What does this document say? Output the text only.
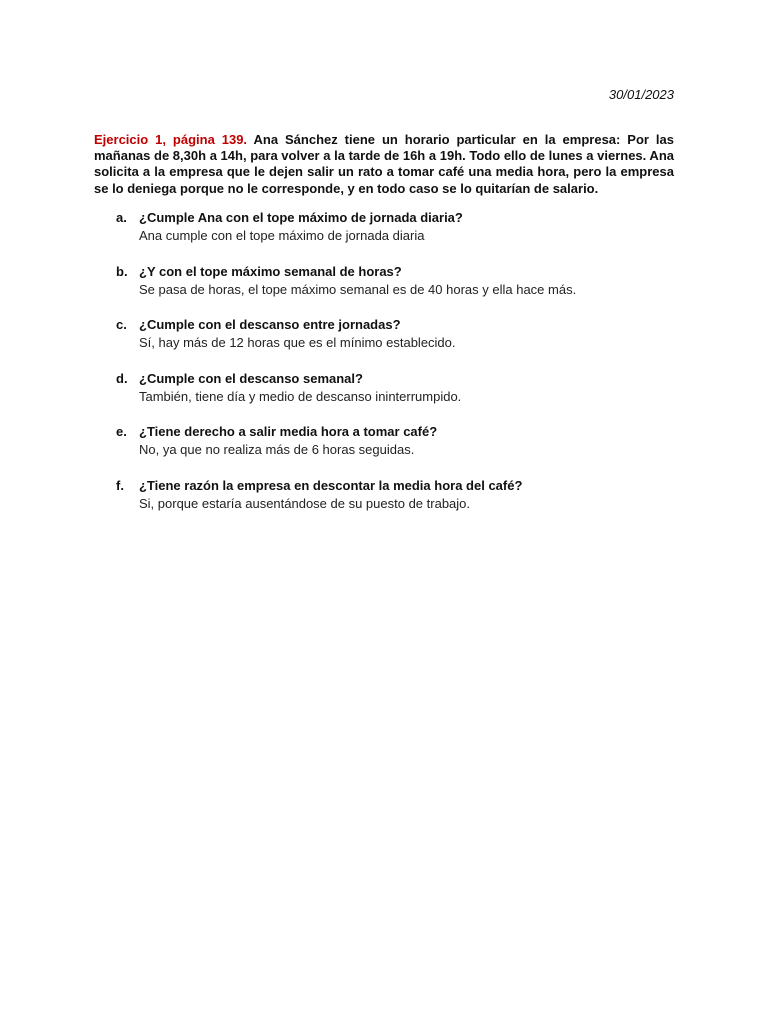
30/01/2023

Ejercicio 1, página 139. Ana Sánchez tiene un horario particular en la empresa: Por las mañanas de 8,30h a 14h, para volver a la tarde de 16h a 19h. Todo ello de lunes a viernes. Ana solicita a la empresa que le dejen salir un rato a tomar café una media hora, pero la empresa se lo deniega porque no le corresponde, y en todo caso se lo quitarían de salario.

a. ¿Cumple Ana con el tope máximo de jornada diaria?
Ana cumple con el tope máximo de jornada diaria
b. ¿Y con el tope máximo semanal de horas?
Se pasa de horas, el tope máximo semanal es de 40 horas y ella hace más.
c. ¿Cumple con el descanso entre jornadas?
Sí, hay más de 12 horas que es el mínimo establecido.
d. ¿Cumple con el descanso semanal?
También, tiene día y medio de descanso ininterrumpido.
e. ¿Tiene derecho a salir media hora a tomar café?
No, ya que no realiza más de 6 horas seguidas.
f. ¿Tiene razón la empresa en descontar la media hora del café?
Si, porque estaría ausentándose de su puesto de trabajo.
